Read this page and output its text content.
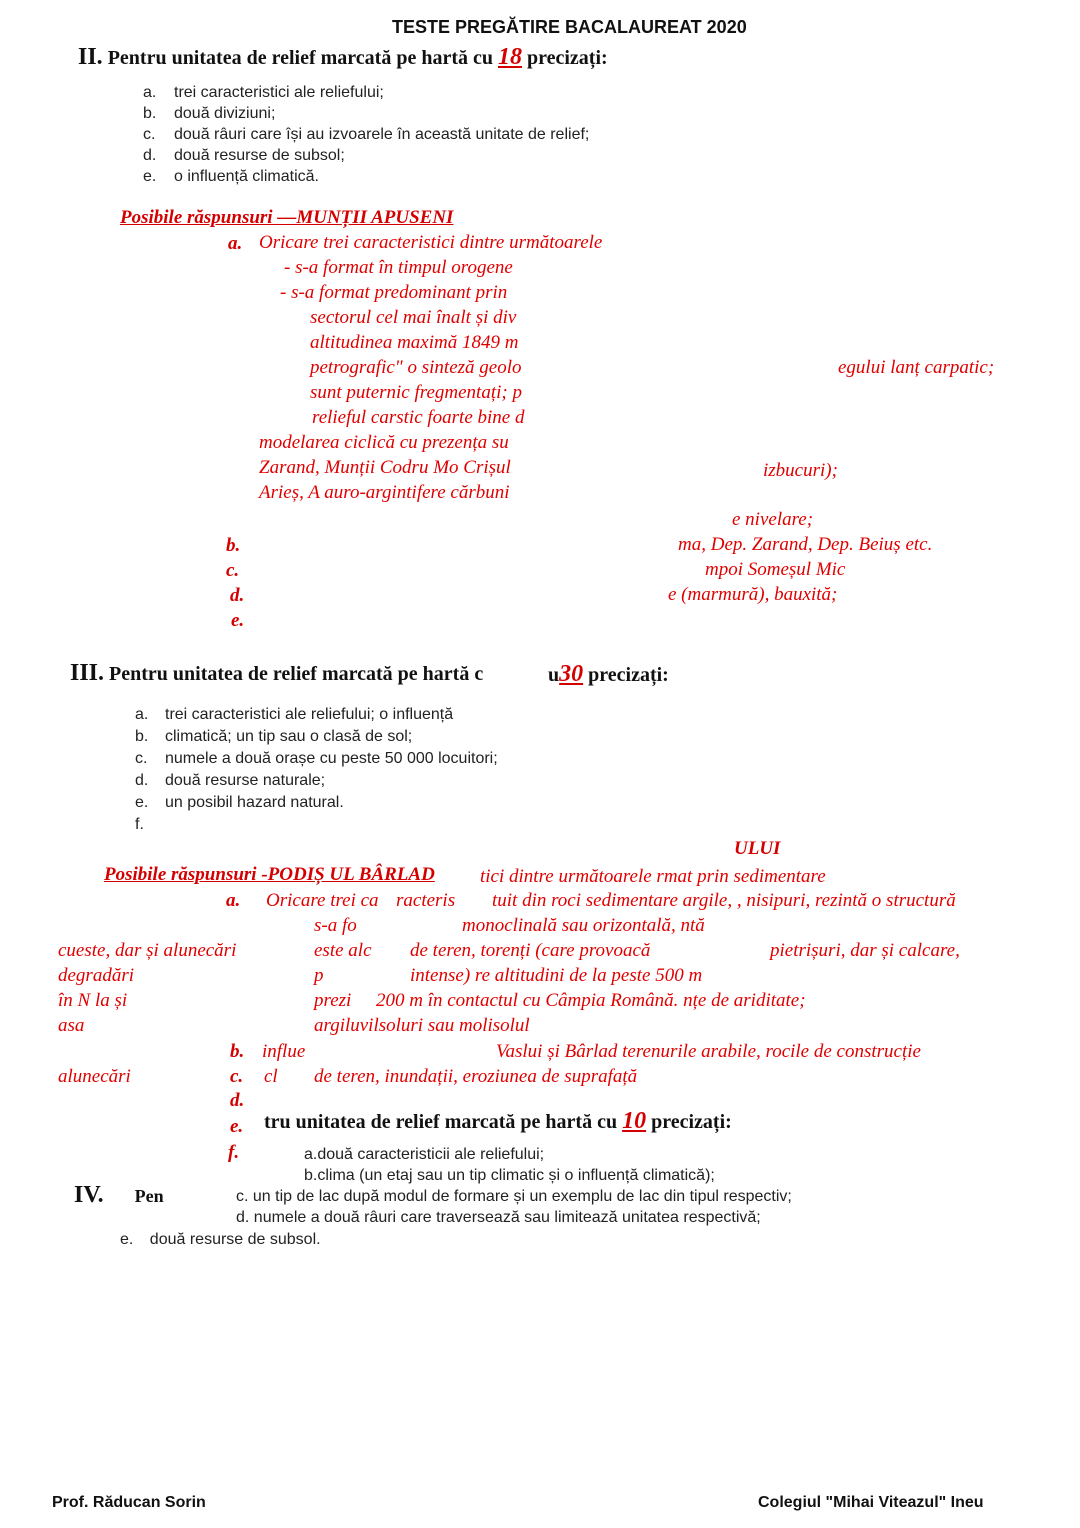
TESTE PREGĂTIRE BACALAUREAT 2020
II. Pentru unitatea de relief marcată pe hartă cu 18 precizați:
a. trei caracteristici ale reliefului;
b. două diviziuni;
c. două râuri care își au izvoarele în această unitate de relief;
d. două resurse de subsol;
e. o influență climatică.
Posibile răspunsuri —MUNȚII APUSENI
a. Oricare trei caracteristici dintre următoarele
- s-a format în timpul orogene
- s-a format predominant prin
sectorul cel mai înalt și div
altitudinea maximă 1849 m
petrografic" o sinteză geolo
sunt puternic fregmentați; p
relieful carstic foarte bine d
modelarea ciclică cu prezența su
Zarand, Munții Codru Mo Crișul
Arieș, A auro-argintifere cărbuni
egului lanț carpatic;
izbucuri);
e nivelare;
ma, Dep. Zarand, Dep. Beiuș etc.
mpoi Someșul Mic
e (marmură), bauxită;
b.
c.
d.
e.
III. Pentru unitatea de relief marcată pe hartă c	u30 precizați:
a. trei caracteristici ale reliefului; o influență
b. climatică; un tip sau o clasă de sol;
c. numele a două orașe cu peste 50 000 locuitori;
d. două resurse naturale;
e. un posibil hazard natural.
f.
ULUI
Posibile răspunsuri -PODIȘ UL BÂRLAD tici dintre următoarele rmat prin sedimentare
Oricare trei ca racteris tuit din roci sedimentare argile, , nisipuri, rezintă o structură
s-a fo	monoclinală sau orizontală, ntă
cueste, dar și alunecări	este alc de teren, torenți (care provoacă	pietrișuri, dar și calcare,
degradări	p	intense) re altitudini de la peste 500 m
în N la și	prezi 200 m în contactul cu Câmpia Română. nțe de ariditate;
asa	argiluvilsoluri sau molisolul
influe	Vaslui și Bârlad terenurile arabile, rocile de construcție
alunecări	cl de teren, inundații, eroziunea de suprafață
a.
b.
c.
d.
e.
f.
tru unitatea de relief marcată pe hartă cu 10 precizați:
IV. Pen
a.două caracteristicii ale reliefului;
b.clima (un etaj sau un tip climatic și o influență climatică);
c. un tip de lac după modul de formare și un exemplu de lac din tipul respectiv;
d. numele a două râuri care traversează sau limitează unitatea respectivă;
e. două resurse de subsol.
Prof. Răducan Sorin	Colegiul "Mihai Viteazul" Ineu
